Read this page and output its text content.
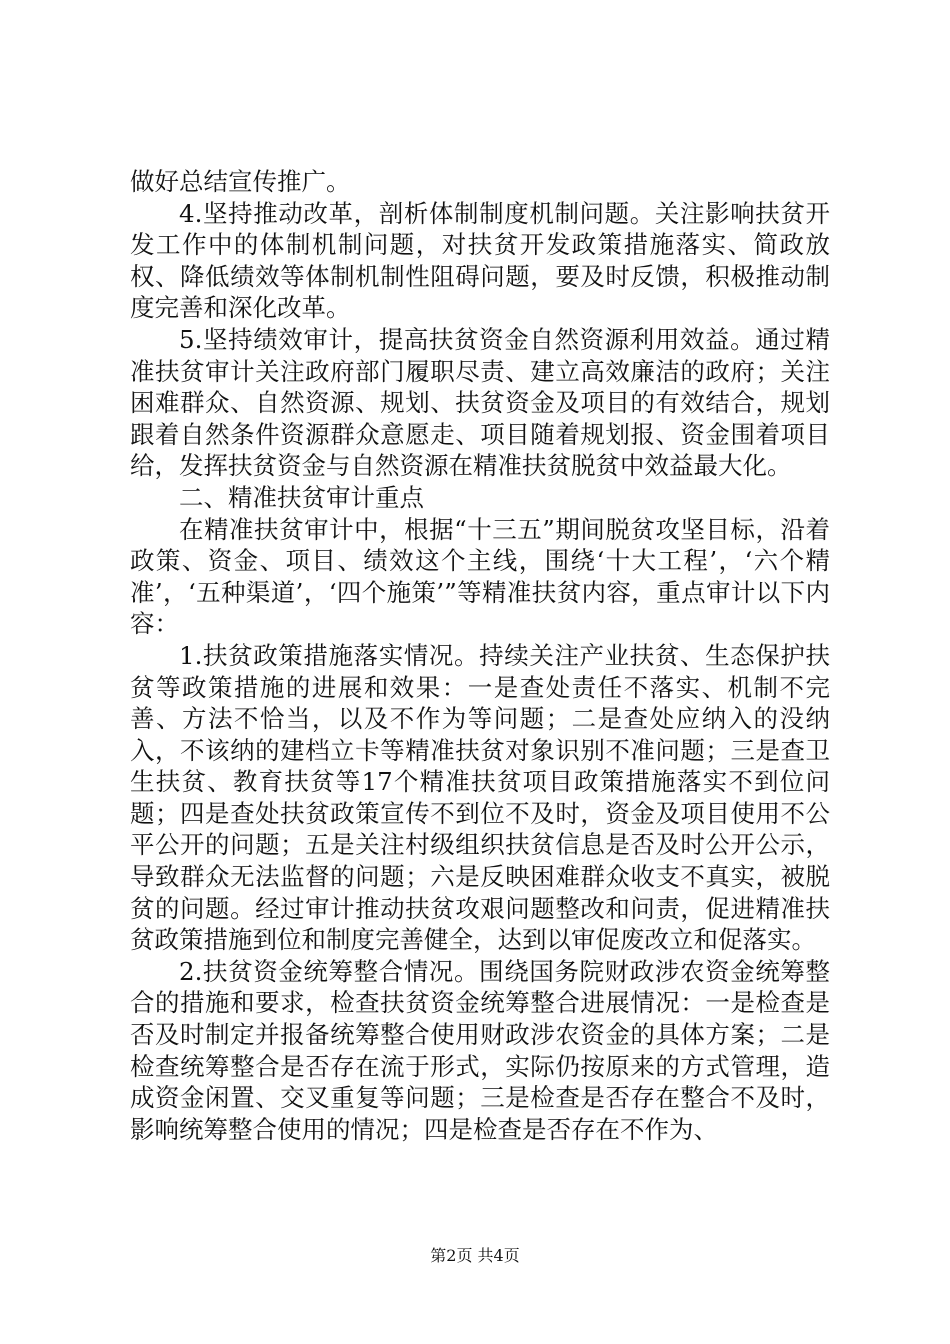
做好总结宣传推广。

4.坚持推动改革，剖析体制制度机制问题。关注影响扶贫开发工作中的体制机制问题，对扶贫开发政策措施落实、简政放权、降低绩效等体制机制性阻碍问题，要及时反馈，积极推动制度完善和深化改革。

5.坚持绩效审计，提高扶贫资金自然资源利用效益。通过精准扶贫审计关注政府部门履职尽责、建立高效廉洁的政府；关注困难群众、自然资源、规划、扶贫资金及项目的有效结合，规划跟着自然条件资源群众意愿走、项目随着规划报、资金围着项目给，发挥扶贫资金与自然资源在精准扶贫脱贫中效益最大化。

二、精准扶贫审计重点

在精准扶贫审计中，根据“十三五”期间脱贫攻坚目标，沿着政策、资金、项目、绩效这个主线，围绕‘十大工程’，‘六个精准’，‘五种渠道’，‘四个施策’”等精准扶贫内容，重点审计以下内容：

1.扶贫政策措施落实情况。持续关注产业扶贫、生态保护扶贫等政策措施的进展和效果：一是查处责任不落实、机制不完善、方法不恰当，以及不作为等问题；二是查处应纳入的没纳入，不该纳的建档立卡等精准扶贫对象识别不准问题；三是查卫生扶贫、教育扶贫等17个精准扶贫项目政策措施落实不到位问题；四是查处扶贫政策宣传不到位不及时，资金及项目使用不公平公开的问题；五是关注村级组织扶贫信息是否及时公开公示，导致群众无法监督的问题；六是反映困难群众收支不真实，被脱贫的问题。经过审计推动扶贫攻艰问题整改和问责，促进精准扶贫政策措施到位和制度完善健全，达到以审促废改立和促落实。

2.扶贫资金统筹整合情况。围绕国务院财政涉农资金统筹整合的措施和要求，检查扶贫资金统筹整合进展情况：一是检查是否及时制定并报备统筹整合使用财政涉农资金的具体方案；二是检查统筹整合是否存在流于形式，实际仍按原来的方式管理，造成资金闲置、交叉重复等问题；三是检查是否存在整合不及时，影响统筹整合使用的情况；四是检查是否存在不作为、

第2页 共4页
